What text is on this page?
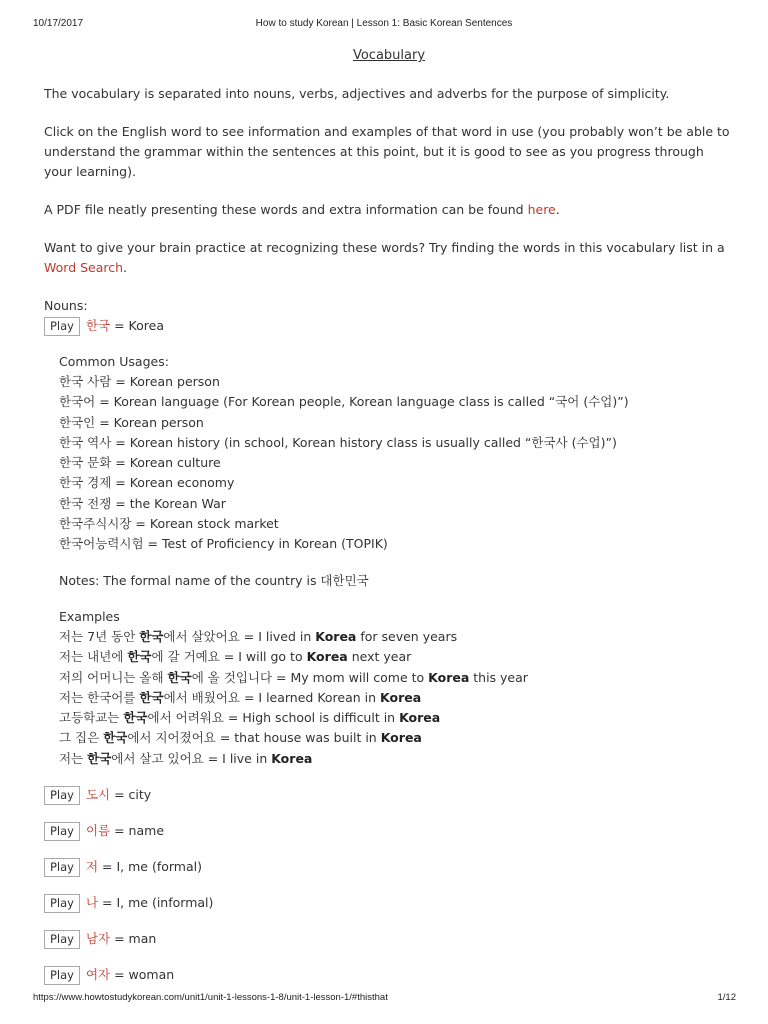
How to study Korean | Lesson 1: Basic Korean Sentences
10/17/2017
Vocabulary

The vocabulary is separated into nouns, verbs, adjectives and adverbs for the purpose of simplicity.

Click on the English word to see information and examples of that word in use (you probably won’t be able to understand the grammar within the sentences at this point, but it is good to see as you progress through your learning).

A PDF file neatly presenting these words and extra information can be found here.

Want to give your brain practice at recognizing these words? Try finding the words in this vocabulary list in a Word Search.

Nouns:
Play 한국 = Korea
Common Usages:
한국 사람 = Korean person
한국어 = Korean language (For Korean people, Korean language class is called “국어 (수업)”)
한국인 = Korean person
한국 역사 = Korean history (in school, Korean history class is usually called “한국사 (수업)”)
한국 문화 = Korean culture
한국 경제 = Korean economy
한국 전쟁 = the Korean War
한국주식시장 = Korean stock market
한국어능력시험 = Test of Proficiency in Korean (TOPIK)
Notes: The formal name of the country is 대한민국
Examples
저는 7년 동안 한국에서 살았어요 = I lived in Korea for seven years
저는 내년에 한국에 갈 거예요 = I will go to Korea next year
저의 어머니는 올해 한국에 올 것입니다 = My mom will come to Korea this year
저는 한국어를 한국에서 배웠어요 = I learned Korean in Korea
고등학교는 한국에서 어려워요 = High school is difficult in Korea
그 집은 한국에서 지어졌어요 = that house was built in Korea
저는 한국에서 살고 있어요 = I live in Korea
Play 도시 = city
Play 이름 = name
Play 저 = I, me (formal)
Play 나 = I, me (informal)
Play 남자 = man
Play 여자 = woman
https://www.howtostudykorean.com/unit1/unit-1-lessons-1-8/unit-1-lesson-1/#thisthat	1/12
